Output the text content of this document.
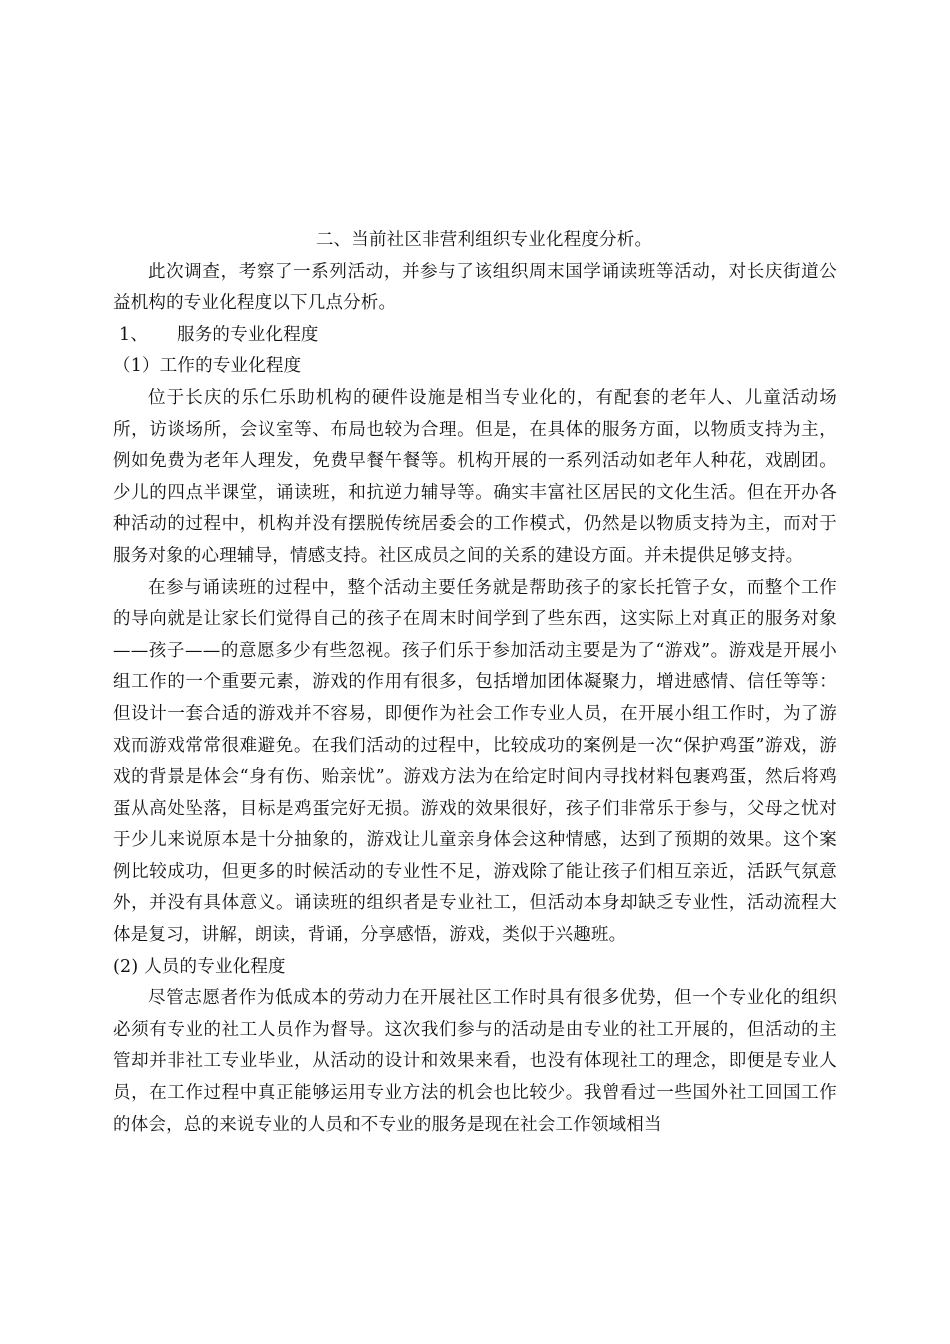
二、当前社区非营利组织专业化程度分析。

此次调查，考察了一系列活动，并参与了该组织周末国学诵读班等活动，对长庆街道公益机构的专业化程度以下几点分析。

1、 服务的专业化程度

（1）工作的专业化程度

位于长庆的乐仁乐助机构的硬件设施是相当专业化的，有配套的老年人、儿童活动场所，访谈场所，会议室等、布局也较为合理。但是，在具体的服务方面，以物质支持为主，例如免费为老年人理发，免费早餐午餐等。机构开展的一系列活动如老年人种花，戏剧团。少儿的四点半课堂，诵读班，和抗逆力辅导等。确实丰富社区居民的文化生活。但在开办各种活动的过程中，机构并没有摆脱传统居委会的工作模式，仍然是以物质支持为主，而对于服务对象的心理辅导，情感支持。社区成员之间的关系的建设方面。并未提供足够支持。

在参与诵读班的过程中，整个活动主要任务就是帮助孩子的家长托管子女，而整个工作的导向就是让家长们觉得自己的孩子在周末时间学到了些东西，这实际上对真正的服务对象——孩子——的意愿多少有些忽视。孩子们乐于参加活动主要是为了“游戏”。游戏是开展小组工作的一个重要元素，游戏的作用有很多，包括增加团体凝聚力，增进感情、信任等等：但设计一套合适的游戏并不容易，即便作为社会工作专业人员，在开展小组工作时，为了游戏而游戏常常很难避免。在我们活动的过程中，比较成功的案例是一次“保护鸡蛋”游戏，游戏的背景是体会“身有伤、贻亲忧”。游戏方法为在给定时间内寻找材料包裹鸡蛋，然后将鸡蛋从高处坠落，目标是鸡蛋完好无损。游戏的效果很好，孩子们非常乐于参与，父母之忧对于少儿来说原本是十分抽象的，游戏让儿童亲身体会这种情感，达到了预期的效果。这个案例比较成功，但更多的时候活动的专业性不足，游戏除了能让孩子们相互亲近，活跃气氛意外，并没有具体意义。诵读班的组织者是专业社工，但活动本身却缺乏专业性，活动流程大体是复习，讲解，朗读，背诵，分享感悟，游戏，类似于兴趣班。

(2) 人员的专业化程度

尽管志愿者作为低成本的劳动力在开展社区工作时具有很多优势，但一个专业化的组织必须有专业的社工人员作为督导。这次我们参与的活动是由专业的社工开展的，但活动的主管却并非社工专业毕业，从活动的设计和效果来看，也没有体现社工的理念，即便是专业人员，在工作过程中真正能够运用专业方法的机会也比较少。我曾看过一些国外社工回国工作的体会，总的来说专业的人员和不专业的服务是现在社会工作领域相当
